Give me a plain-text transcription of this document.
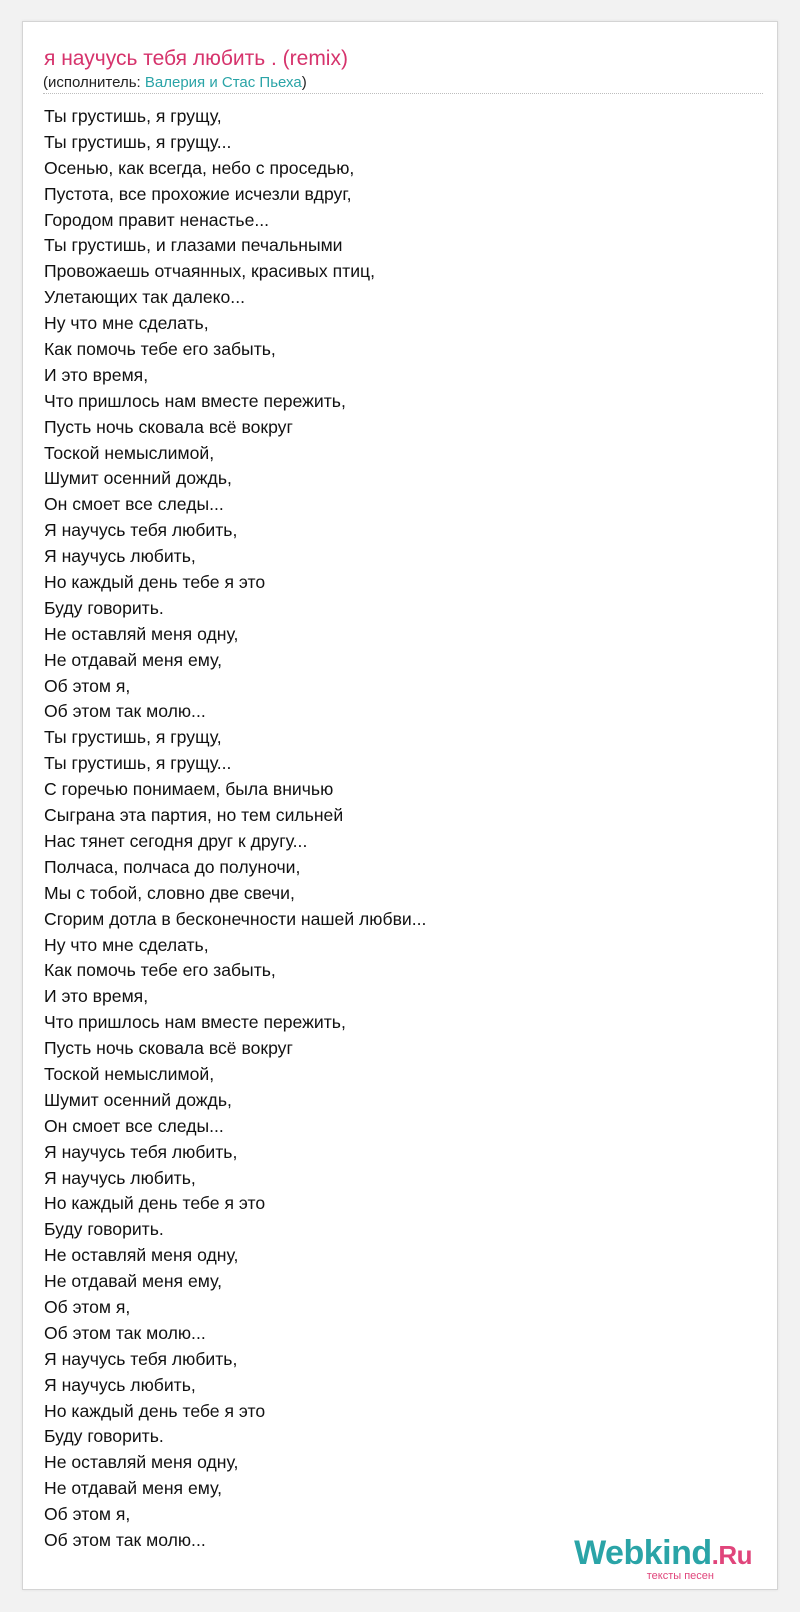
я научусь тебя любить . (remix)
(исполнитель: Валерия и Стас Пьеха)
Ты грустишь, я грущу,
Ты грустишь, я грущу...
Осенью, как всегда, небо с проседью,
Пустота, все прохожие исчезли вдруг,
Городом правит ненастье...
Ты грустишь, и глазами печальными
Провожаешь отчаянных, красивых птиц,
Улетающих так далеко...
Ну что мне сделать,
Как помочь тебе его забыть,
И это время,
Что пришлось нам вместе пережить,
Пусть ночь сковала всё вокруг
Тоской немыслимой,
Шумит осенний дождь,
Он смоет все следы...
Я научусь тебя любить,
Я научусь любить,
Но каждый день тебе я это
Буду говорить.
Не оставляй меня одну,
Не отдавай меня ему,
Об этом я,
Об этом так молю...
Ты грустишь, я грущу,
Ты грустишь, я грущу...
С горечью понимаем, была вничью
Сыграна эта партия, но тем сильней
Нас тянет сегодня друг к другу...
Полчаса, полчаса до полуночи,
Мы с тобой, словно две свечи,
Сгорим дотла в бесконечности нашей любви...
Ну что мне сделать,
Как помочь тебе его забыть,
И это время,
Что пришлось нам вместе пережить,
Пусть ночь сковала всё вокруг
Тоской немыслимой,
Шумит осенний дождь,
Он смоет все следы...
Я научусь тебя любить,
Я научусь любить,
Но каждый день тебе я это
Буду говорить.
Не оставляй меня одну,
Не отдавай меня ему,
Об этом я,
Об этом так молю...
Я научусь тебя любить,
Я научусь любить,
Но каждый день тебе я это
Буду говорить.
Не оставляй меня одну,
Не отдавай меня ему,
Об этом я,
Об этом так молю...	Webkind.Ru
тексты песен
